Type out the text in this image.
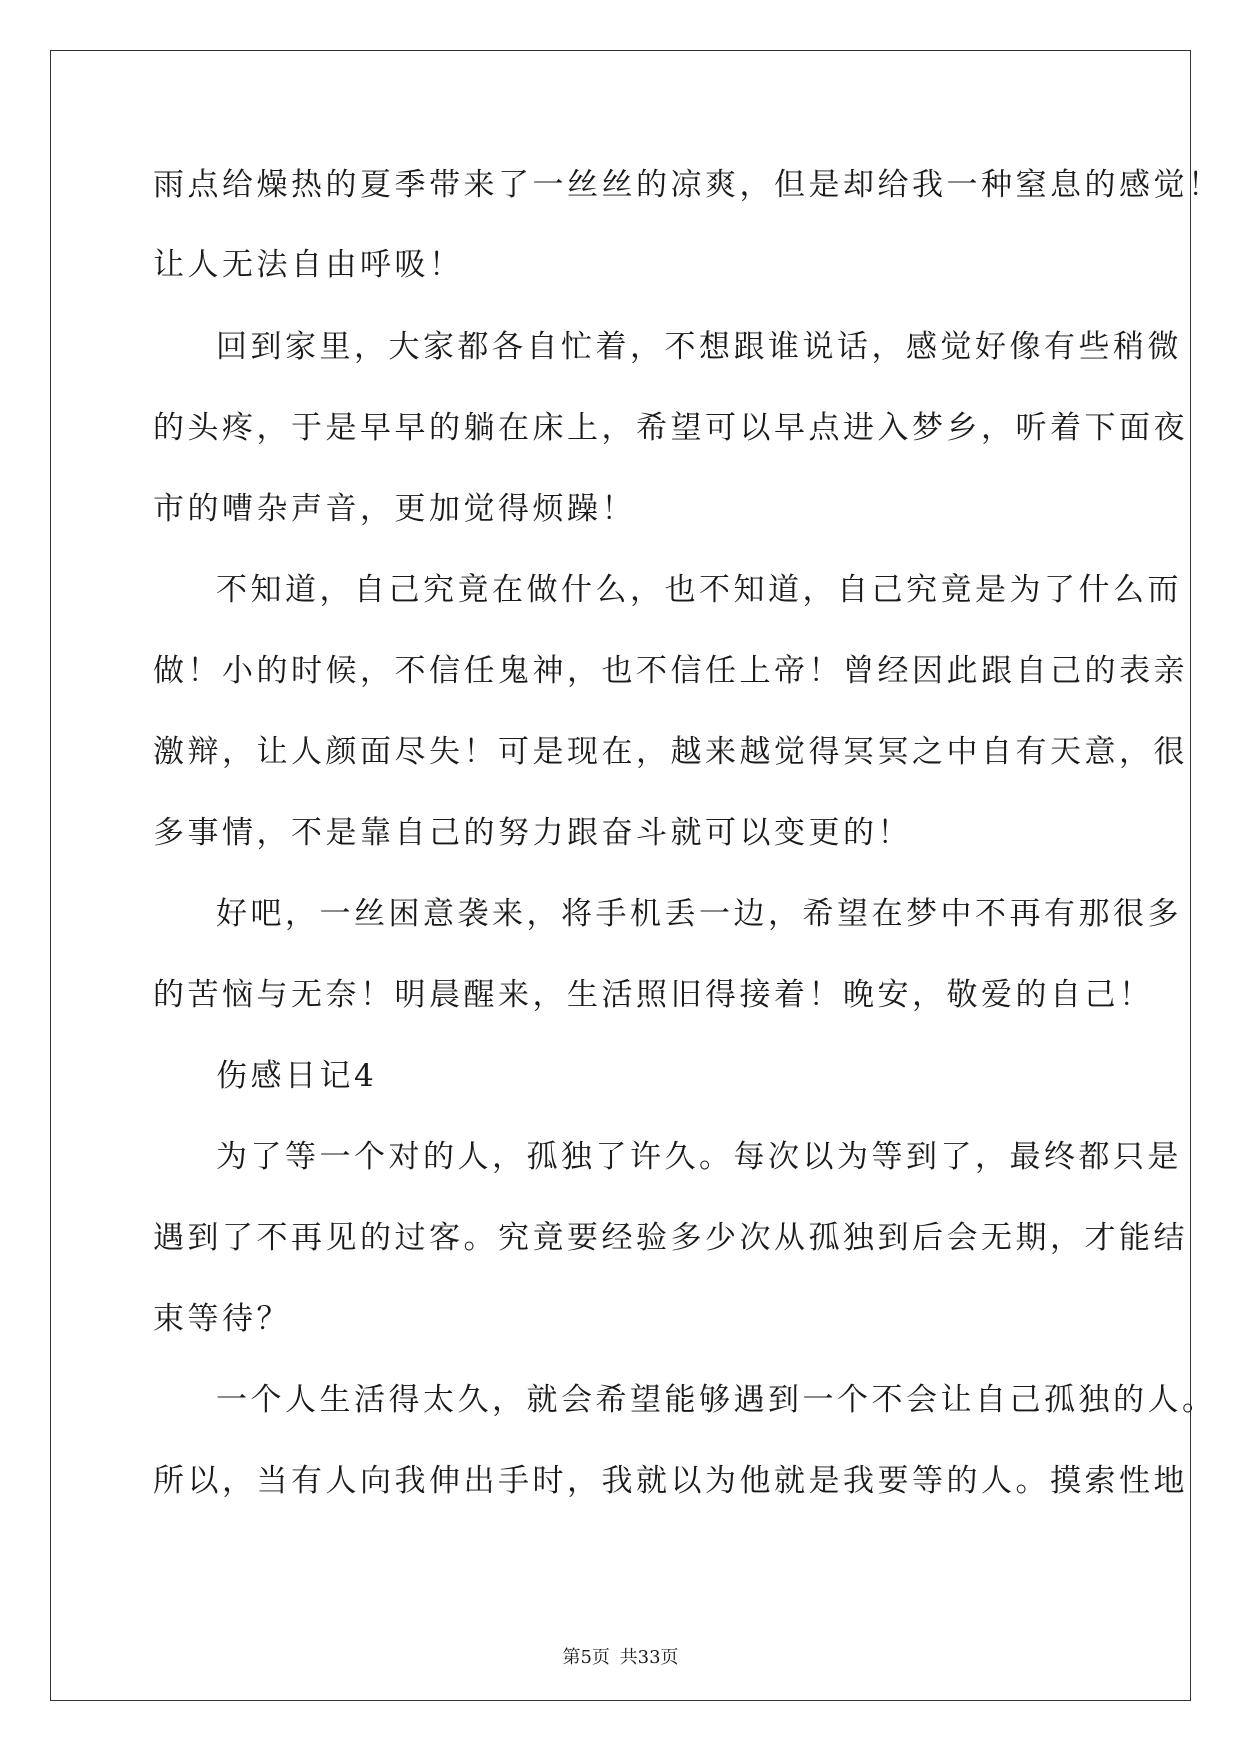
雨点给燥热的夏季带来了一丝丝的凉爽，但是却给我一种窒息的感觉！
让人无法自由呼吸！
回到家里，大家都各自忙着，不想跟谁说话，感觉好像有些稍微
的头疼，于是早早的躺在床上，希望可以早点进入梦乡，听着下面夜
市的嘈杂声音，更加觉得烦躁！
不知道，自己究竟在做什么，也不知道，自己究竟是为了什么而
做！小的时候，不信任鬼神，也不信任上帝！曾经因此跟自己的表亲
激辩，让人颜面尽失！可是现在，越来越觉得冥冥之中自有天意，很
多事情，不是靠自己的努力跟奋斗就可以变更的！
好吧，一丝困意袭来，将手机丢一边，希望在梦中不再有那很多
的苦恼与无奈！明晨醒来，生活照旧得接着！晚安，敬爱的自己！
伤感日记4
为了等一个对的人，孤独了许久。每次以为等到了，最终都只是
遇到了不再见的过客。究竟要经验多少次从孤独到后会无期，才能结
束等待？
一个人生活得太久，就会希望能够遇到一个不会让自己孤独的人。
所以，当有人向我伸出手时，我就以为他就是我要等的人。摸索性地
第5页 共33页
